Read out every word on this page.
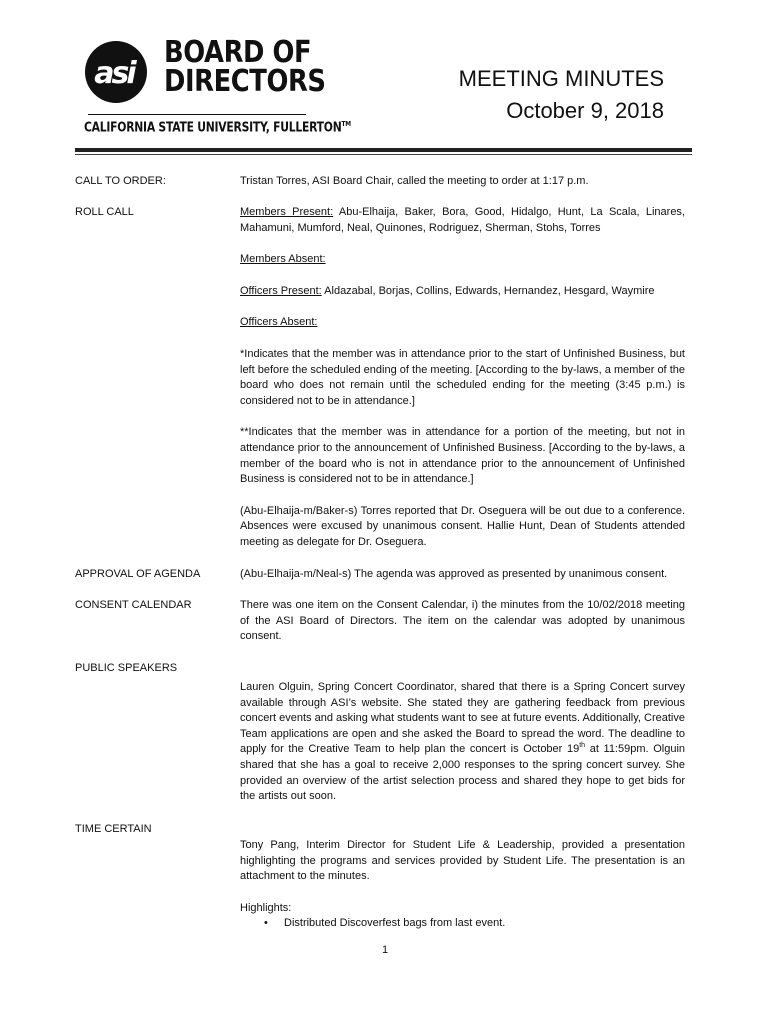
asi
BOARD OF
DIRECTORS
CALIFORNIA STATE UNIVERSITY, FULLERTON™
MEETING MINUTES
October 9, 2018
CALL TO ORDER:	Tristan Torres, ASI Board Chair, called the meeting to order at 1:17 p.m.
ROLL CALL	Members Present: Abu-Elhaija, Baker, Bora, Good, Hidalgo, Hunt, La Scala, Linares, Mahamuni, Mumford, Neal, Quinones, Rodriguez, Sherman, Stohs, Torres

Members Absent:

Officers Present: Aldazabal, Borjas, Collins, Edwards, Hernandez, Hesgard, Waymire

Officers Absent:

*Indicates that the member was in attendance prior to the start of Unfinished Business, but left before the scheduled ending of the meeting. [According to the by-laws, a member of the board who does not remain until the scheduled ending for the meeting (3:45 p.m.) is considered not to be in attendance.]

**Indicates that the member was in attendance for a portion of the meeting, but not in attendance prior to the announcement of Unfinished Business. [According to the by-laws, a member of the board who is not in attendance prior to the announcement of Unfinished Business is considered not to be in attendance.]

(Abu-Elhaija-m/Baker-s) Torres reported that Dr. Oseguera will be out due to a conference. Absences were excused by unanimous consent. Hallie Hunt, Dean of Students attended meeting as delegate for Dr. Oseguera.

APPROVAL OF AGENDA	(Abu-Elhaija-m/Neal-s) The agenda was approved as presented by unanimous consent.
CONSENT CALENDAR	There was one item on the Consent Calendar, i) the minutes from the 10/02/2018 meeting of the ASI Board of Directors. The item on the calendar was adopted by unanimous consent.
PUBLIC SPEAKERS
Lauren Olguin, Spring Concert Coordinator, shared that there is a Spring Concert survey available through ASI’s website. She stated they are gathering feedback from previous concert events and asking what students want to see at future events. Additionally, Creative Team applications are open and she asked the Board to spread the word. The deadline to apply for the Creative Team to help plan the concert is October 19th at 11:59pm. Olguin shared that she has a goal to receive 2,000 responses to the spring concert survey. She provided an overview of the artist selection process and shared they hope to get bids for the artists out soon.
TIME CERTAIN

Tony Pang, Interim Director for Student Life & Leadership, provided a presentation highlighting the programs and services provided by Student Life. The presentation is an attachment to the minutes.

Highlights:

• Distributed Discoverfest bags from last event.

1
